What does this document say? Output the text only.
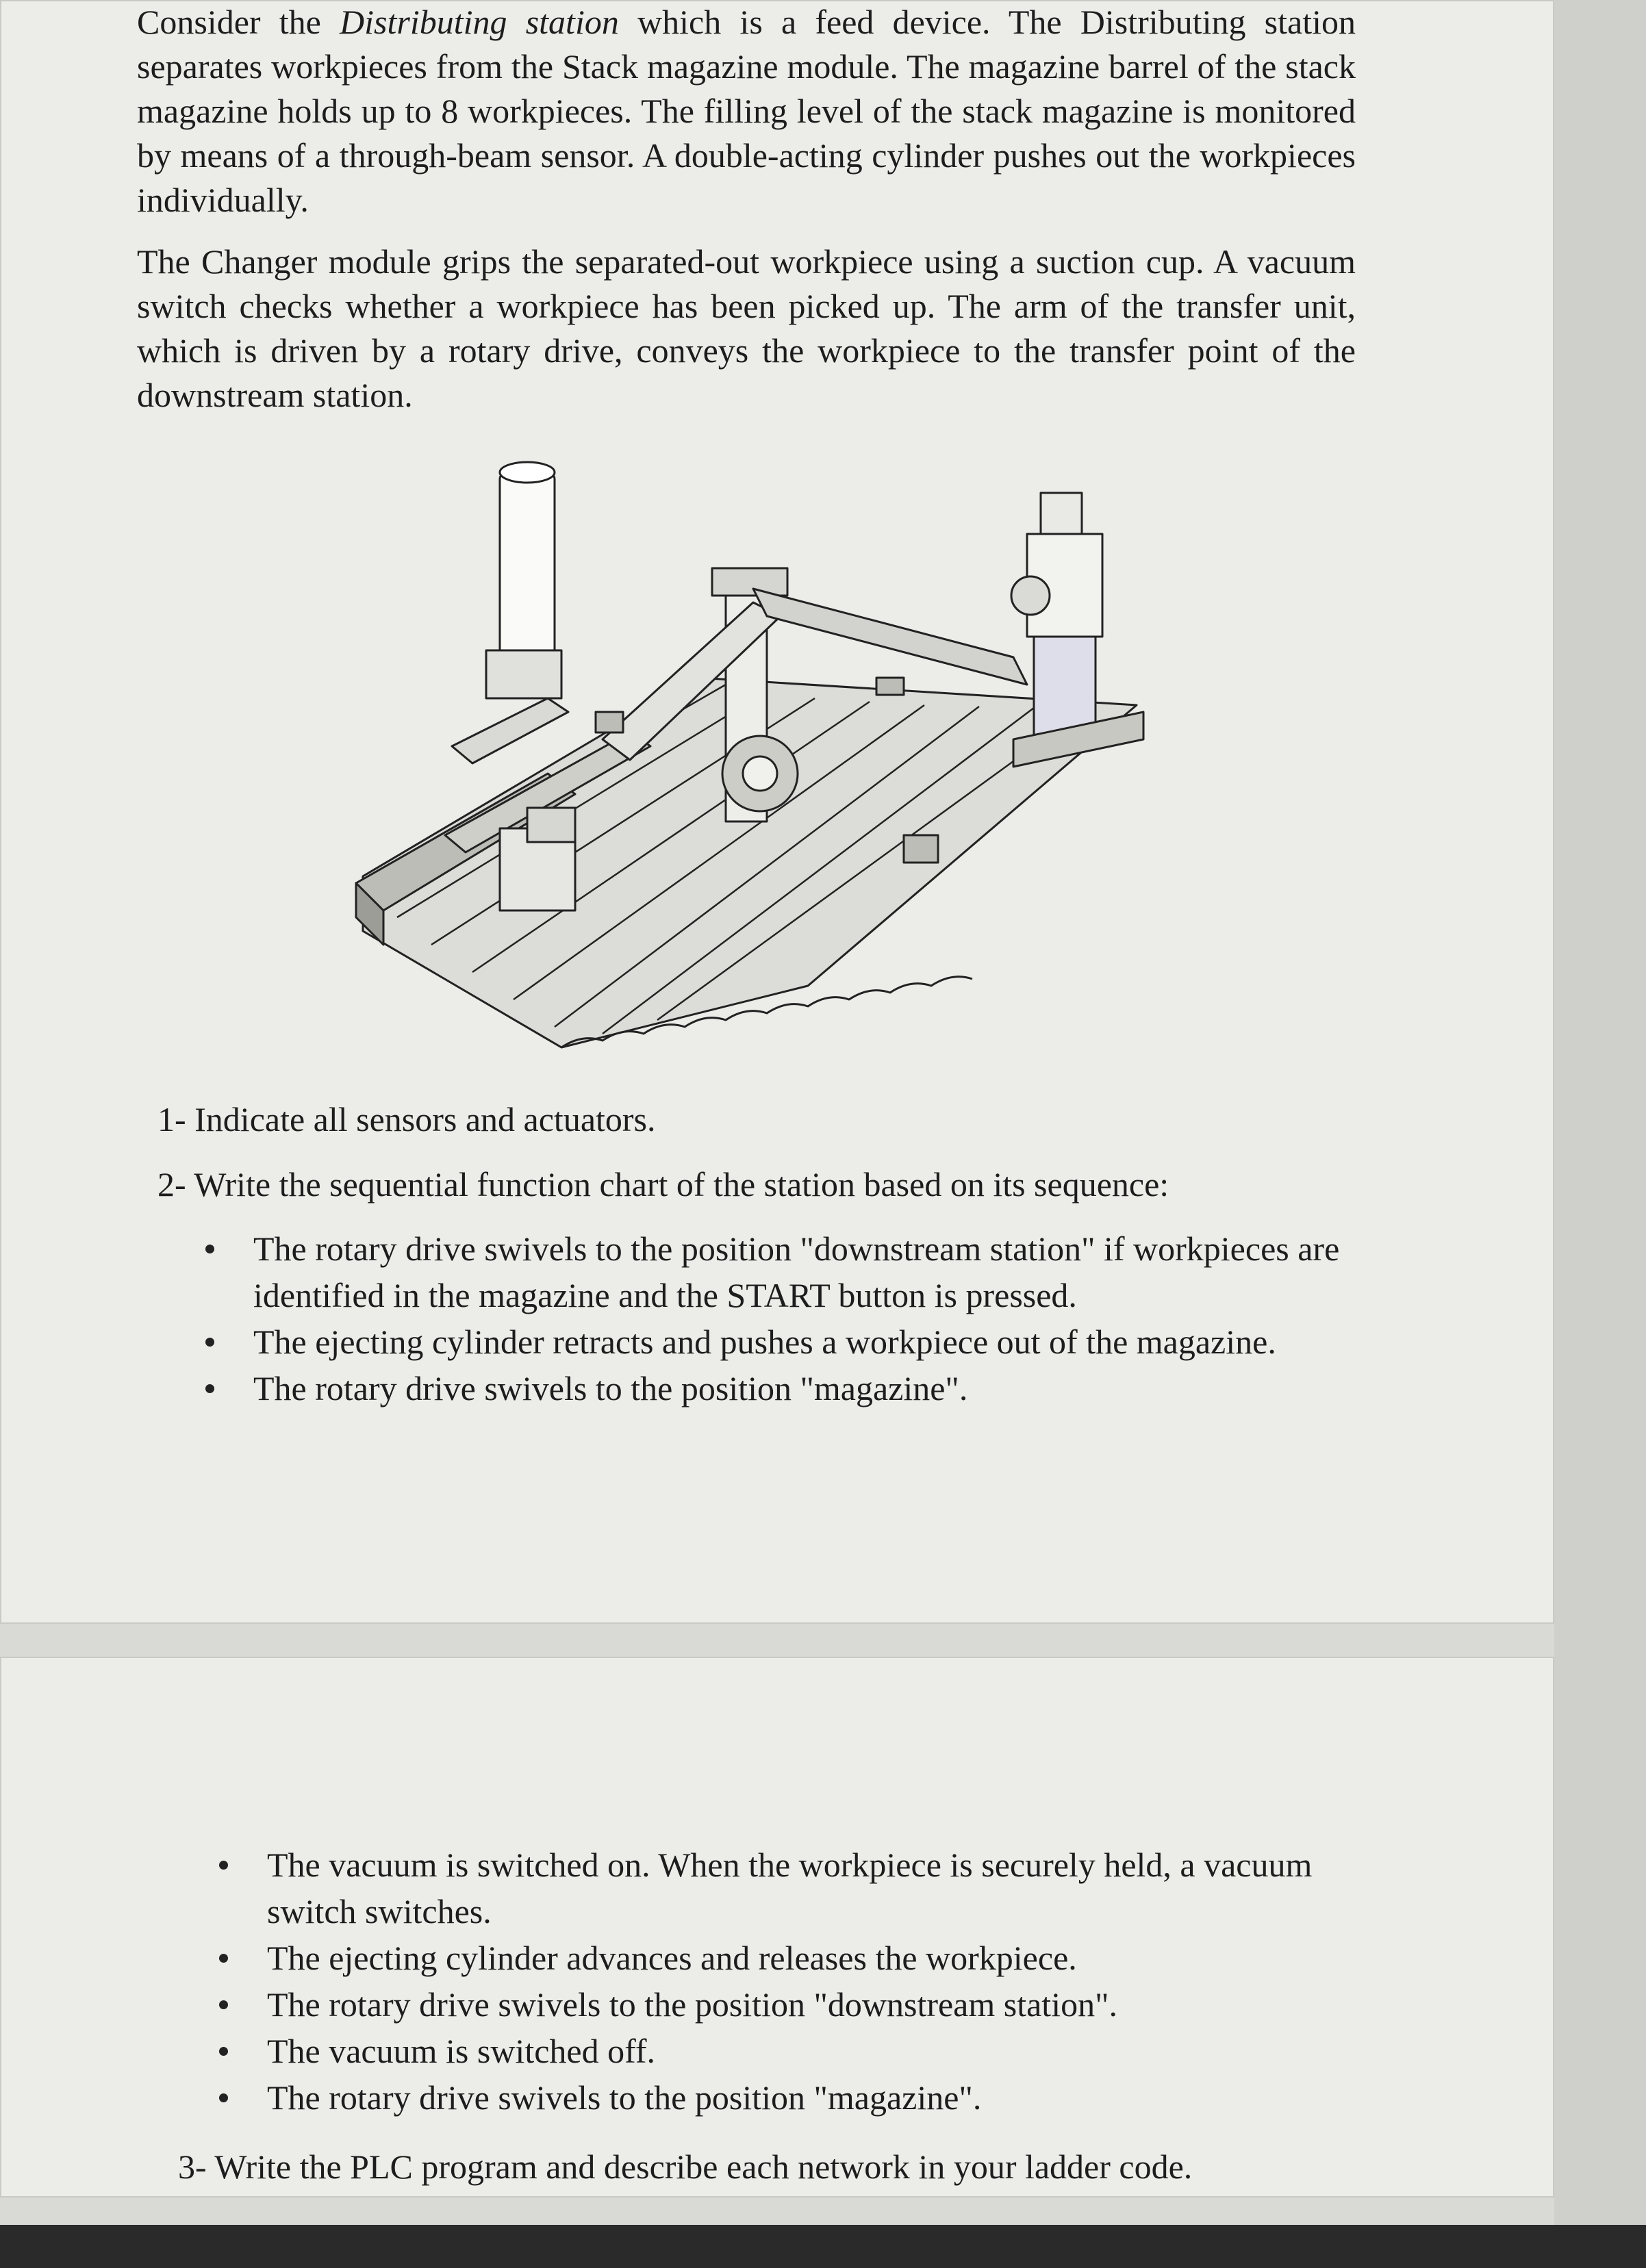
Consider the Distributing station which is a feed device. The Distributing station separates workpieces from the Stack magazine module. The magazine barrel of the stack magazine holds up to 8 workpieces. The filling level of the stack magazine is monitored by means of a through-beam sensor. A double-acting cylinder pushes out the workpieces individually.

The Changer module grips the separated-out workpiece using a suction cup. A vacuum switch checks whether a workpiece has been picked up. The arm of the transfer unit, which is driven by a rotary drive, conveys the workpiece to the transfer point of the downstream station.

1- Indicate all sensors and actuators.

2- Write the sequential function chart of the station based on its sequence:

The rotary drive swivels to the position "downstream station" if workpieces are identified in the magazine and the START button is pressed.
The ejecting cylinder retracts and pushes a workpiece out of the magazine.
The rotary drive swivels to the position "magazine".
The vacuum is switched on. When the workpiece is securely held, a vacuum switch switches.
The ejecting cylinder advances and releases the workpiece.
The rotary drive swivels to the position "downstream station".
The vacuum is switched off.
The rotary drive swivels to the position "magazine".

3- Write the PLC program and describe each network in your ladder code.
